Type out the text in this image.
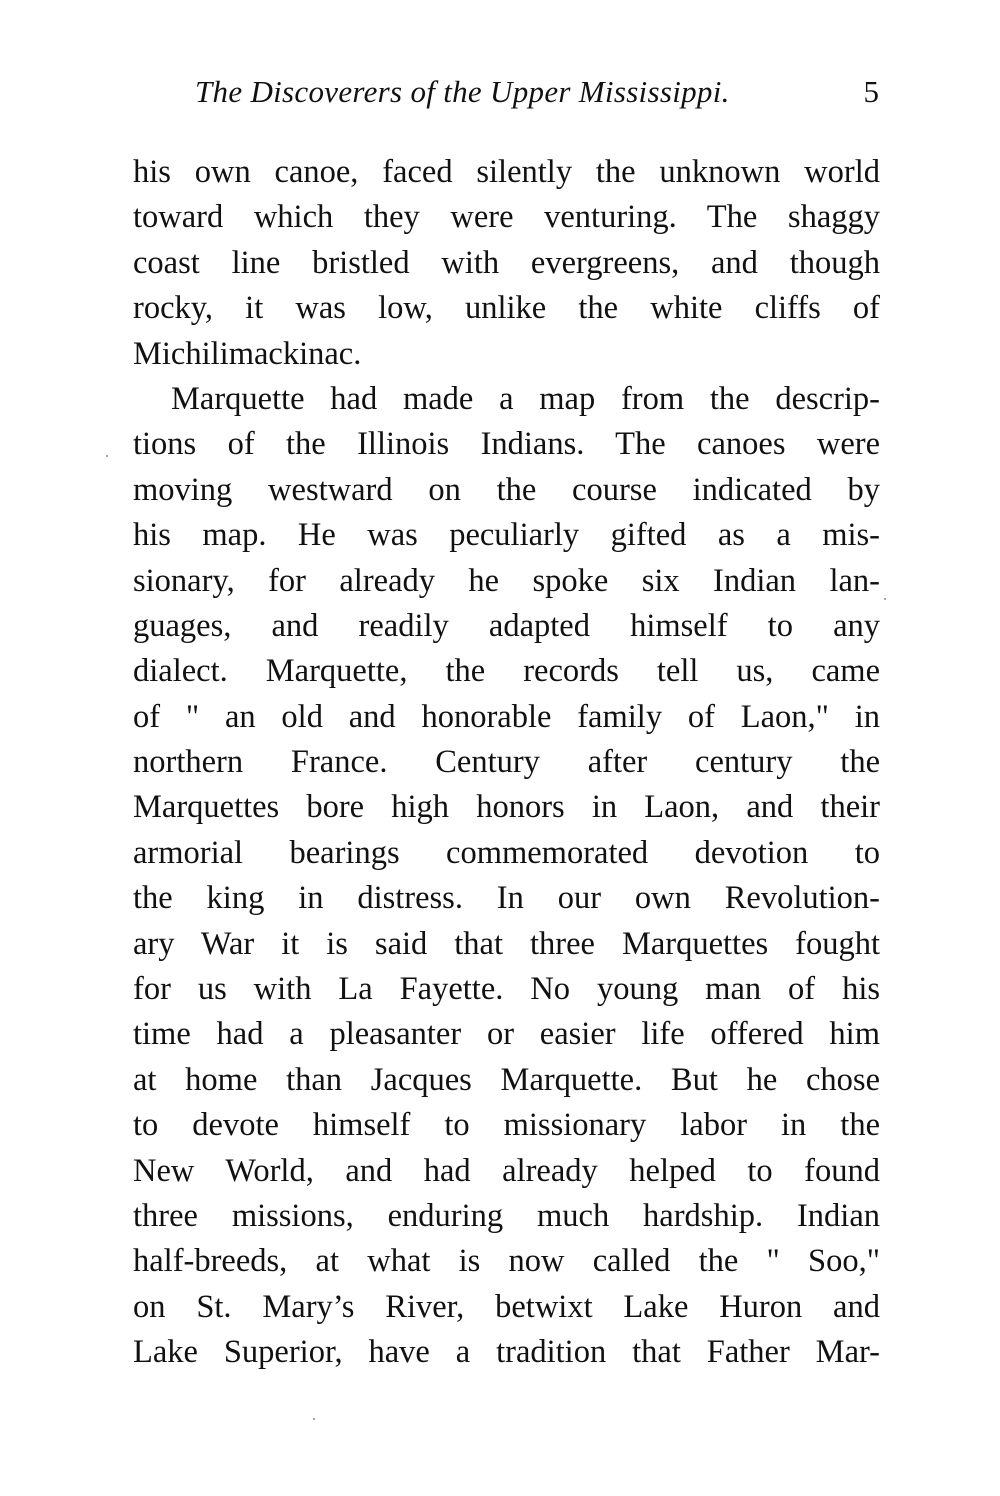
The Discoverers of the Upper Mississippi.	5
his own canoe, faced silently the unknown world
toward which they were venturing. The shaggy
coast line bristled with evergreens, and though
rocky, it was low, unlike the white cliffs of
Michilimackinac.
Marquette had made a map from the descrip-
tions of the Illinois Indians. The canoes were
moving westward on the course indicated by
his map. He was peculiarly gifted as a mis-
sionary, for already he spoke six Indian lan-
guages, and readily adapted himself to any
dialect. Marquette, the records tell us, came
of " an old and honorable family of Laon," in
northern France. Century after century the
Marquettes bore high honors in Laon, and their
armorial bearings commemorated devotion to
the king in distress. In our own Revolution-
ary War it is said that three Marquettes fought
for us with La Fayette. No young man of his
time had a pleasanter or easier life offered him
at home than Jacques Marquette. But he chose
to devote himself to missionary labor in the
New World, and had already helped to found
three missions, enduring much hardship. Indian
half-breeds, at what is now called the " Soo,"
on St. Mary’s River, betwixt Lake Huron and
Lake Superior, have a tradition that Father Mar-
